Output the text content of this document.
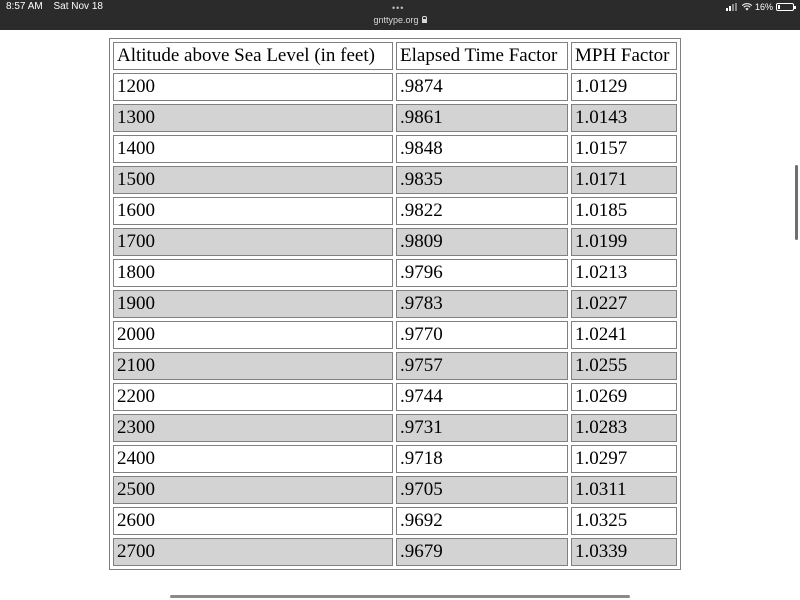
8:57 AM Sat Nov 18	•••
gnttype.org
16%
Altitude above Sea Level (in feet)	Elapsed Time Factor	MPH Factor
1200	.9874	1.0129
1300	.9861	1.0143
1400	.9848	1.0157
1500	.9835	1.0171
1600	.9822	1.0185
1700	.9809	1.0199
1800	.9796	1.0213
1900	.9783	1.0227
2000	.9770	1.0241
2100	.9757	1.0255
2200	.9744	1.0269
2300	.9731	1.0283
2400	.9718	1.0297
2500	.9705	1.0311
2600	.9692	1.0325
2700	.9679	1.0339
